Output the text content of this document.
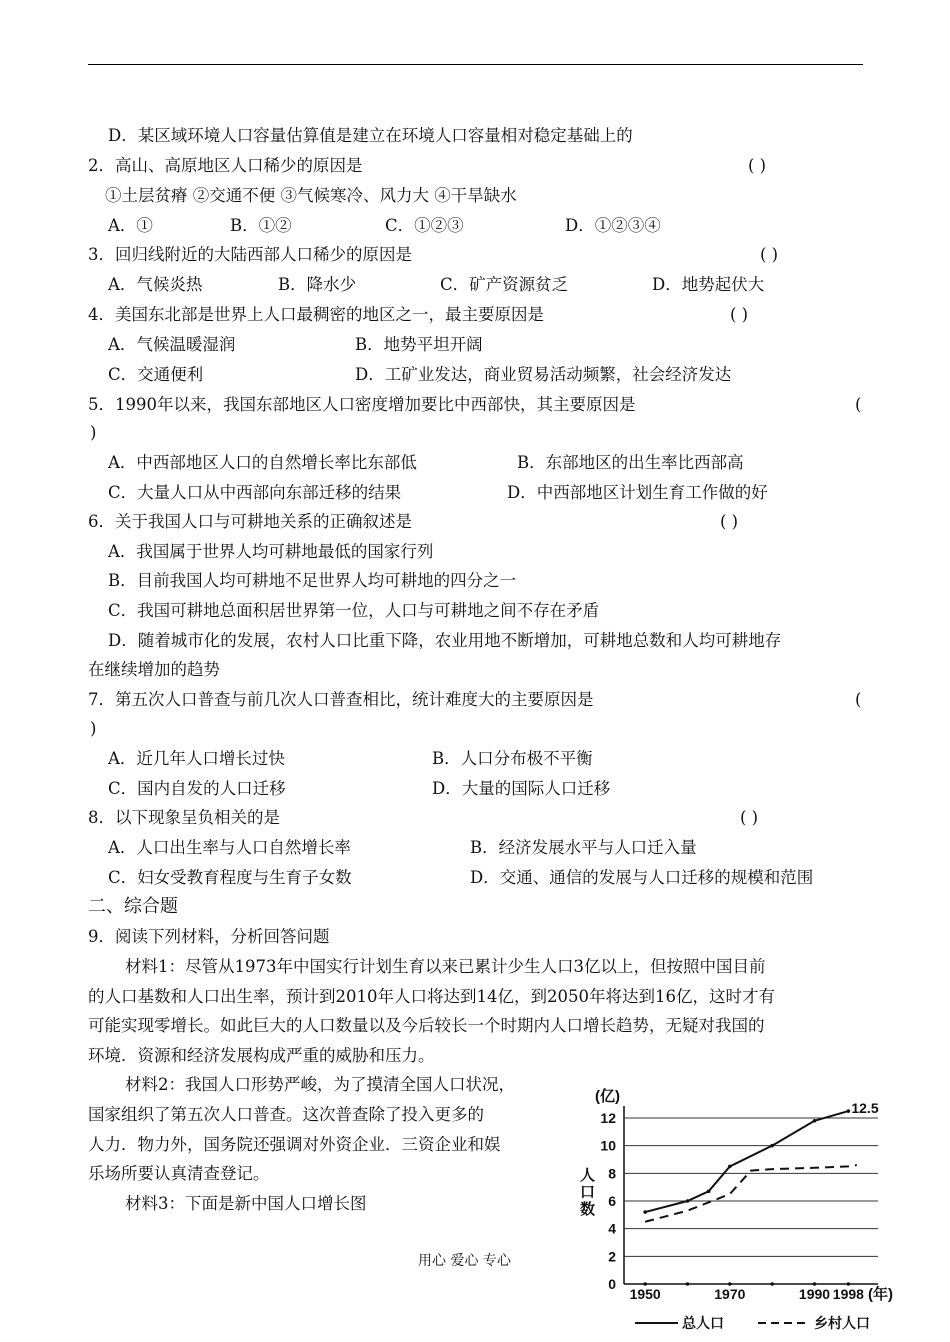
D．某区域环境人口容量估算值是建立在环境人口容量相对稳定基础上的
2．高山、高原地区人口稀少的原因是	( )
①土层贫瘠 ②交通不便 ③气候寒冷、风力大 ④干旱缺水
A．①	B．①②	C．①②③	D．①②③④
3．回归线附近的大陆西部人口稀少的原因是	( )
A．气候炎热	B．降水少	C．矿产资源贫乏	D．地势起伏大
4．美国东北部是世界上人口最稠密的地区之一，最主要原因是	( )
A．气候温暖湿润	B．地势平坦开阔
C．交通便利	D．工矿业发达，商业贸易活动频繁，社会经济发达
5．1990年以来，我国东部地区人口密度增加要比中西部快，其主要原因是	(
)
A．中西部地区人口的自然增长率比东部低	B．东部地区的出生率比西部高
C．大量人口从中西部向东部迁移的结果	D．中西部地区计划生育工作做的好
6．关于我国人口与可耕地关系的正确叙述是	( )
A．我国属于世界人均可耕地最低的国家行列
B．目前我国人均可耕地不足世界人均可耕地的四分之一
C．我国可耕地总面积居世界第一位，人口与可耕地之间不存在矛盾
D．随着城市化的发展，农村人口比重下降，农业用地不断增加，可耕地总数和人均可耕地存
在继续增加的趋势
7．第五次人口普查与前几次人口普查相比，统计难度大的主要原因是	(
)
A．近几年人口增长过快	B．人口分布极不平衡
C．国内自发的人口迁移	D．大量的国际人口迁移
8．以下现象呈负相关的是	( )
A．人口出生率与人口自然增长率	B．经济发展水平与人口迁入量
C．妇女受教育程度与生育子女数	D．交通、通信的发展与人口迁移的规模和范围
二、综合题
9．阅读下列材料，分析回答问题
材料1：尽管从1973年中国实行计划生育以来已累计少生人口3亿以上，但按照中国目前
的人口基数和人口出生率，预计到2010年人口将达到14亿，到2050年将达到16亿，这时才有
可能实现零增长。如此巨大的人口数量以及今后较长一个时期内人口增长趋势，无疑对我国的
环境．资源和经济发展构成严重的威胁和压力。
材料2：我国人口形势严峻，为了摸清全国人口状况，
国家组织了第五次人口普查。这次普查除了投入更多的
人力．物力外，国务院还强调对外资企业．三资企业和娱
乐场所要认真清查登记。
材料3：下面是新中国人口增长图
(亿)
人
口
数
0
2
4
6
8
10
12
1950	1970	1990 1998
12.5
(年)
总人口	乡村人口
用心 爱心 专心
